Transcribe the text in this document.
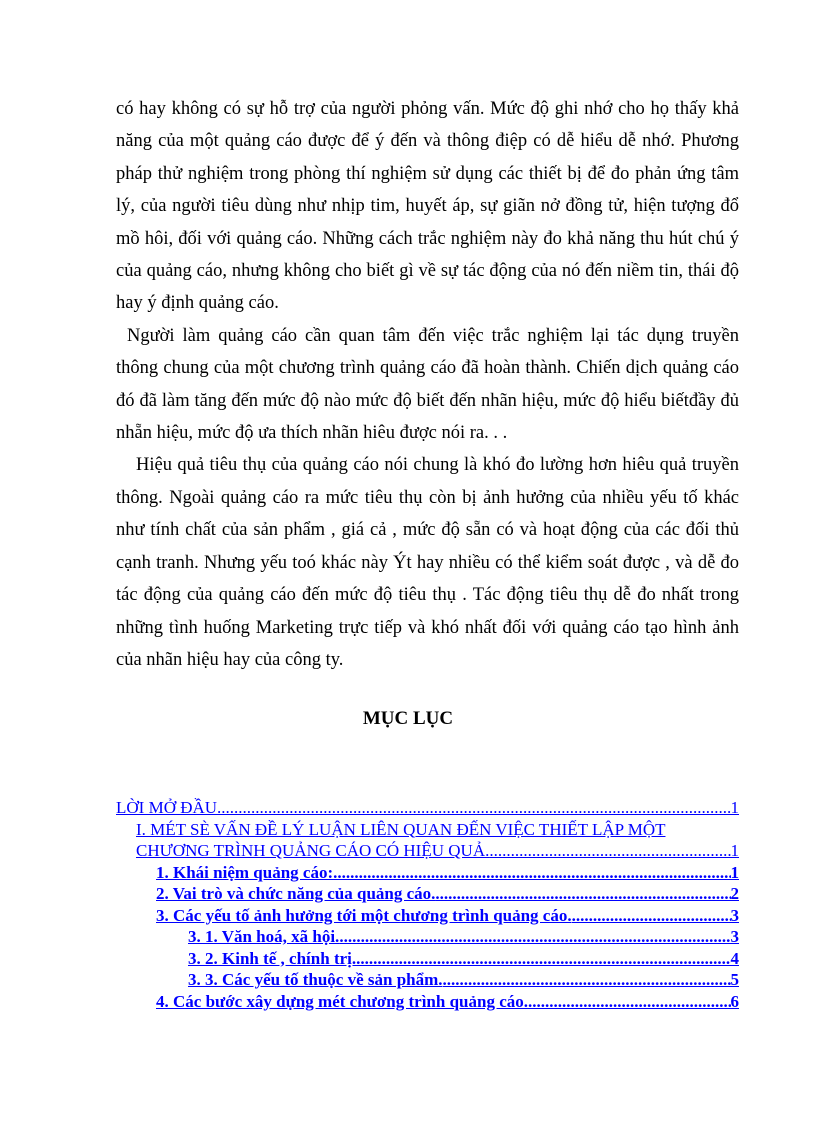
có hay không có sự hỗ trợ của người phỏng vấn. Mức độ ghi nhớ cho họ thấy khả năng của một quảng cáo được để ý đến và thông điệp có dễ hiểu dễ nhớ. Phương pháp thử nghiệm trong phòng thí nghiệm sử dụng các thiết bị để đo phản ứng tâm lý, của người tiêu dùng như nhịp tim, huyết áp, sự giãn nở đồng tử, hiện tượng đổ mồ hôi, đối với quảng cáo. Những cách trắc nghiệm này đo khả năng thu hút chú ý của quảng cáo, nhưng không cho biết gì về sự tác động của nó đến niềm tin, thái độ hay ý định quảng cáo.

Người làm quảng cáo cần quan tâm đến việc trắc nghiệm lại tác dụng truyền thông chung của một chương trình quảng cáo đã hoàn thành. Chiến dịch quảng cáo đó đã làm tăng đến mức độ nào mức độ biết đến nhãn hiệu, mức độ hiểu biếtđầy đủ nhẵn hiệu, mức độ ưa thích nhãn hiêu được nói ra. . .

Hiệu quả tiêu thụ của quảng cáo nói chung là khó đo lường hơn hiêu quả truyền thông. Ngoài quảng cáo ra mức tiêu thụ còn bị ảnh hưởng của nhiều yếu tố khác như tính chất của sản phẩm , giá cả , mức độ sẵn có và hoạt động của các đối thủ cạnh tranh. Nhưng yếu toó khác này Ýt hay nhiều có thể kiểm soát được , và dễ đo tác động của quảng cáo đến mức độ tiêu thụ . Tác động tiêu thụ dễ đo nhất trong những tình huống Marketing trực tiếp và khó nhất đối với quảng cáo tạo hình ảnh của nhãn hiệu hay của công ty.

MỤC LỤC
LỜI MỞ ĐẦU .....	1
I. MÉT SÈ VẤN ĐỀ LÝ LUẬN LIÊN QUAN ĐẾN VIỆC THIẾT LẬP MỘT
CHƯƠNG TRÌNH QUẢNG CÁO CÓ HIỆU QUẢ. .....	1
1. Khái niệm quảng cáo: .....	1
2. Vai trò và chức năng của quảng cáo. .....	2
3. Các yếu tố ảnh hưởng tới một chương trình quảng cáo. .....	3
3. 1. Văn hoá, xã hội. .....	3
3. 2. Kinh tế , chính trị. .....	4
3. 3. Các yếu tố thuộc về sản phẩm. .....	5
4. Các bước xây dựng mét chương trình quảng cáo. .....	6
